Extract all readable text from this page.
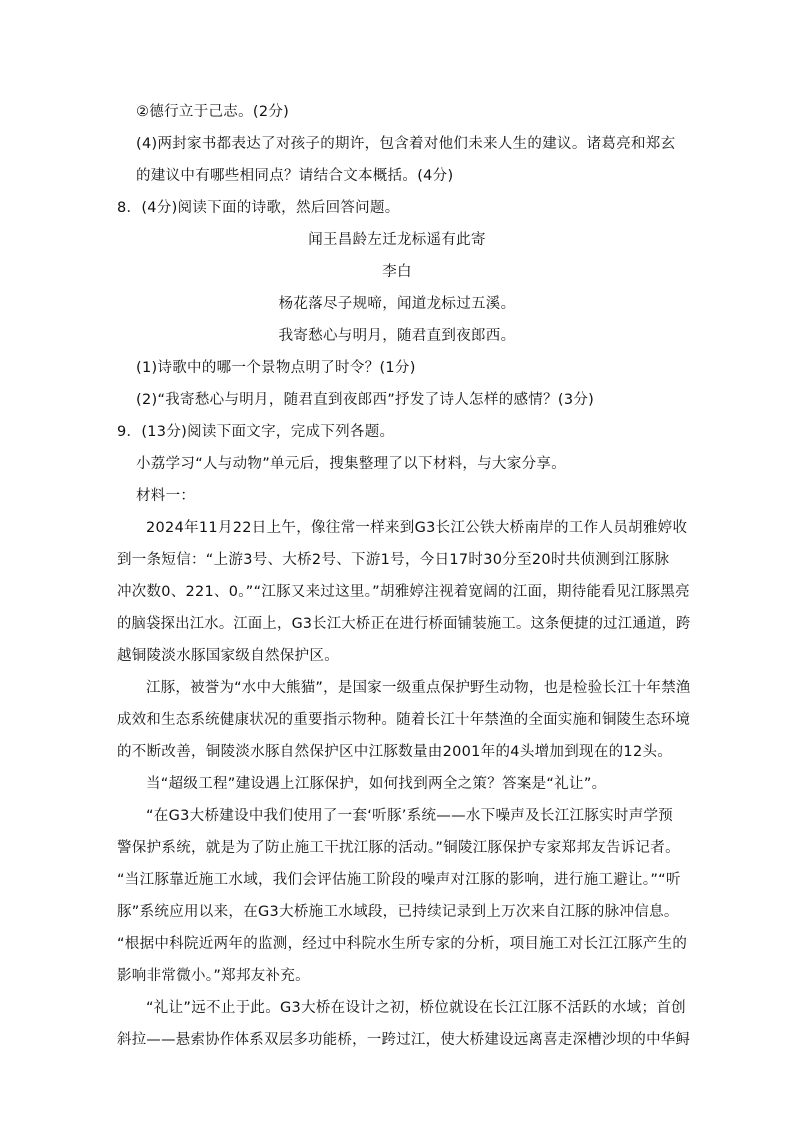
②德行立于己志。(2分)
(4)两封家书都表达了对孩子的期许，包含着对他们未来人生的建议。诸葛亮和郑玄
的建议中有哪些相同点？请结合文本概括。(4分)
8．(4分)阅读下面的诗歌，然后回答问题。
闻王昌龄左迁龙标遥有此寄
李白
杨花落尽子规啼，闻道龙标过五溪。
我寄愁心与明月，随君直到夜郎西。
(1)诗歌中的哪一个景物点明了时令？(1分)
(2)“我寄愁心与明月，随君直到夜郎西”抒发了诗人怎样的感情？(3分)
9．(13分)阅读下面文字，完成下列各题。
小荔学习“人与动物”单元后，搜集整理了以下材料，与大家分享。
材料一：
2024年11月22日上午，像往常一样来到G3长江公铁大桥南岸的工作人员胡雅婷收
到一条短信：“上游3号、大桥2号、下游1号，今日17时30分至20时共侦测到江豚脉
冲次数0、221、0。”“江豚又来过这里。”胡雅婷注视着宽阔的江面，期待能看见江豚黑亮
的脑袋探出江水。江面上，G3长江大桥正在进行桥面铺装施工。这条便捷的过江通道，跨
越铜陵淡水豚国家级自然保护区。
江豚，被誉为“水中大熊猫”，是国家一级重点保护野生动物，也是检验长江十年禁渔
成效和生态系统健康状况的重要指示物种。随着长江十年禁渔的全面实施和铜陵生态环境
的不断改善，铜陵淡水豚自然保护区中江豚数量由2001年的4头增加到现在的12头。
当“超级工程”建设遇上江豚保护，如何找到两全之策？答案是“礼让”。
“在G3大桥建设中我们使用了一套‘听豚’系统——水下噪声及长江江豚实时声学预
警保护系统，就是为了防止施工干扰江豚的活动。”铜陵江豚保护专家郑邦友告诉记者。
“当江豚靠近施工水域，我们会评估施工阶段的噪声对江豚的影响，进行施工避让。”“听
豚”系统应用以来，在G3大桥施工水域段，已持续记录到上万次来自江豚的脉冲信息。
“根据中科院近两年的监测，经过中科院水生所专家的分析，项目施工对长江江豚产生的
影响非常微小。”郑邦友补充。
“礼让”远不止于此。G3大桥在设计之初，桥位就设在长江江豚不活跃的水域；首创
斜拉——悬索协作体系双层多功能桥，一跨过江，使大桥建设远离喜走深槽沙坝的中华鲟
